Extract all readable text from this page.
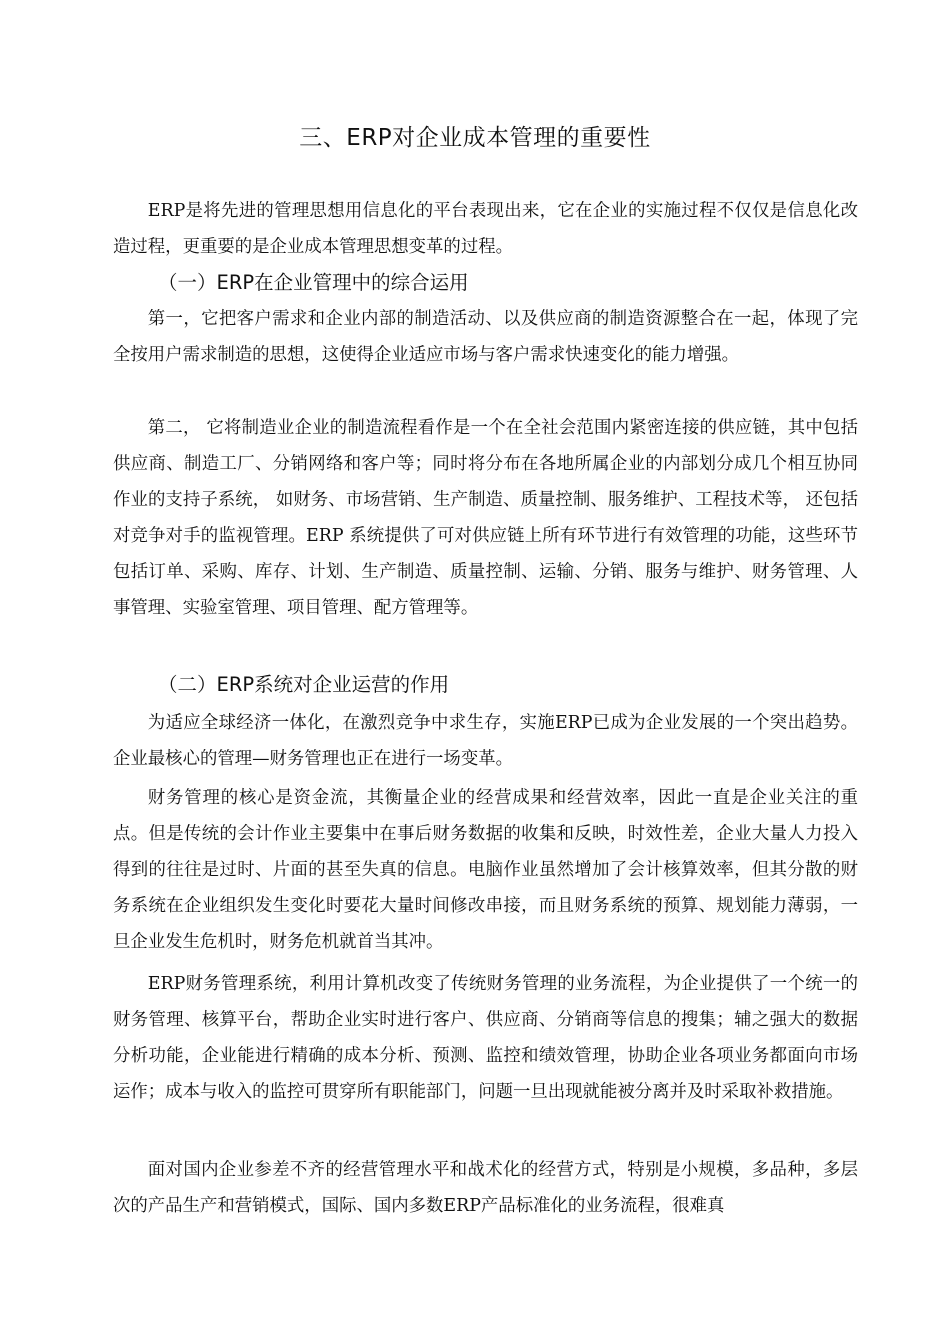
三、ERP对企业成本管理的重要性

ERP是将先进的管理思想用信息化的平台表现出来，它在企业的实施过程不仅仅是信息化改造过程，更重要的是企业成本管理思想变革的过程。

（一）ERP在企业管理中的综合运用

第一，它把客户需求和企业内部的制造活动、以及供应商的制造资源整合在一起，体现了完全按用户需求制造的思想，这使得企业适应市场与客户需求快速变化的能力增强。

第二， 它将制造业企业的制造流程看作是一个在全社会范围内紧密连接的供应链，其中包括供应商、制造工厂、分销网络和客户等；同时将分布在各地所属企业的内部划分成几个相互协同作业的支持子系统， 如财务、市场营销、生产制造、质量控制、服务维护、工程技术等， 还包括对竞争对手的监视管理。ERP 系统提供了可对供应链上所有环节进行有效管理的功能，这些环节包括订单、采购、库存、计划、生产制造、质量控制、运输、分销、服务与维护、财务管理、人事管理、实验室管理、项目管理、配方管理等。

（二）ERP系统对企业运营的作用

为适应全球经济一体化，在激烈竞争中求生存，实施ERP已成为企业发展的一个突出趋势。企业最核心的管理—财务管理也正在进行一场变革。

财务管理的核心是资金流，其衡量企业的经营成果和经营效率，因此一直是企业关注的重点。但是传统的会计作业主要集中在事后财务数据的收集和反映，时效性差，企业大量人力投入得到的往往是过时、片面的甚至失真的信息。电脑作业虽然增加了会计核算效率，但其分散的财务系统在企业组织发生变化时要花大量时间修改串接，而且财务系统的预算、规划能力薄弱，一旦企业发生危机时，财务危机就首当其冲。

ERP财务管理系统，利用计算机改变了传统财务管理的业务流程，为企业提供了一个统一的财务管理、核算平台，帮助企业实时进行客户、供应商、分销商等信息的搜集；辅之强大的数据分析功能，企业能进行精确的成本分析、预测、监控和绩效管理，协助企业各项业务都面向市场运作；成本与收入的监控可贯穿所有职能部门，问题一旦出现就能被分离并及时采取补救措施。

面对国内企业参差不齐的经营管理水平和战术化的经营方式，特别是小规模，多品种，多层次的产品生产和营销模式，国际、国内多数ERP产品标准化的业务流程，很难真
